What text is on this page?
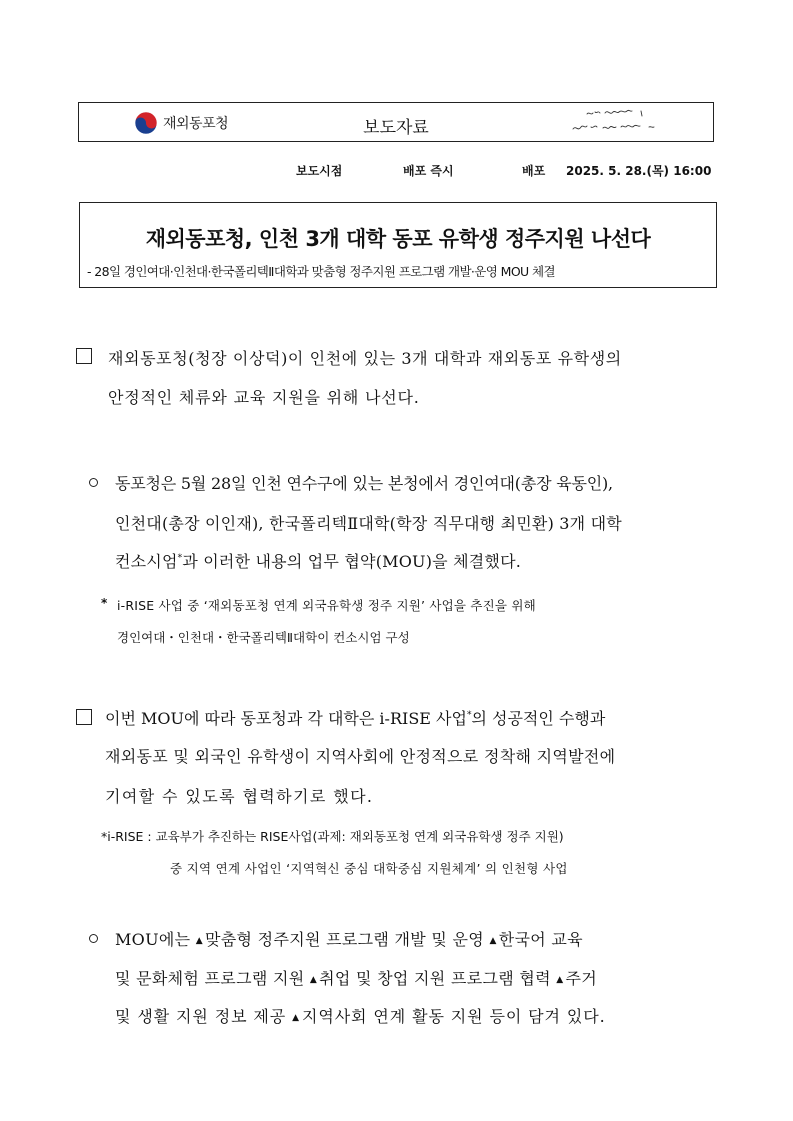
재외동포청	보도자료
보도시점	배포 즉시	배포 2025. 5. 28.(목) 16:00
재외동포청, 인천 3개 대학 동포 유학생 정주지원 나선다
- 28일 경인여대·인천대·한국폴리텍Ⅱ대학과 맞춤형 정주지원 프로그램 개발·운영 MOU 체결
재외동포청(청장 이상덕)이 인천에 있는 3개 대학과 재외동포 유학생의
안정적인 체류와 교육 지원을 위해 나선다.
동포청은 5월 28일 인천 연수구에 있는 본청에서 경인여대(총장 육동인),
인천대(총장 이인재), 한국폴리텍Ⅱ대학(학장 직무대행 최민환) 3개 대학
컨소시엄*과 이러한 내용의 업무 협약(MOU)을 체결했다.
* i-RISE 사업 중 ‘재외동포청 연계 외국유학생 정주 지원’ 사업을 추진을 위해
경인여대・인천대・한국폴리텍Ⅱ대학이 컨소시엄 구성
이번 MOU에 따라 동포청과 각 대학은 i-RISE 사업*의 성공적인 수행과
재외동포 및 외국인 유학생이 지역사회에 안정적으로 정착해 지역발전에
기여할 수 있도록 협력하기로 했다.
*i-RISE : 교육부가 추진하는 RISE사업(과제: 재외동포청 연계 외국유학생 정주 지원)
중 지역 연계 사업인 ‘지역혁신 중심 대학중심 지원체계’ 의 인천형 사업
MOU에는 ▲ 맞춤형 정주지원 프로그램 개발 및 운영 ▲ 한국어 교육
및 문화체험 프로그램 지원 ▲ 취업 및 창업 지원 프로그램 협력 ▲ 주거
및 생활 지원 정보 제공 ▲ 지역사회 연계 활동 지원 등이 담겨 있다.
